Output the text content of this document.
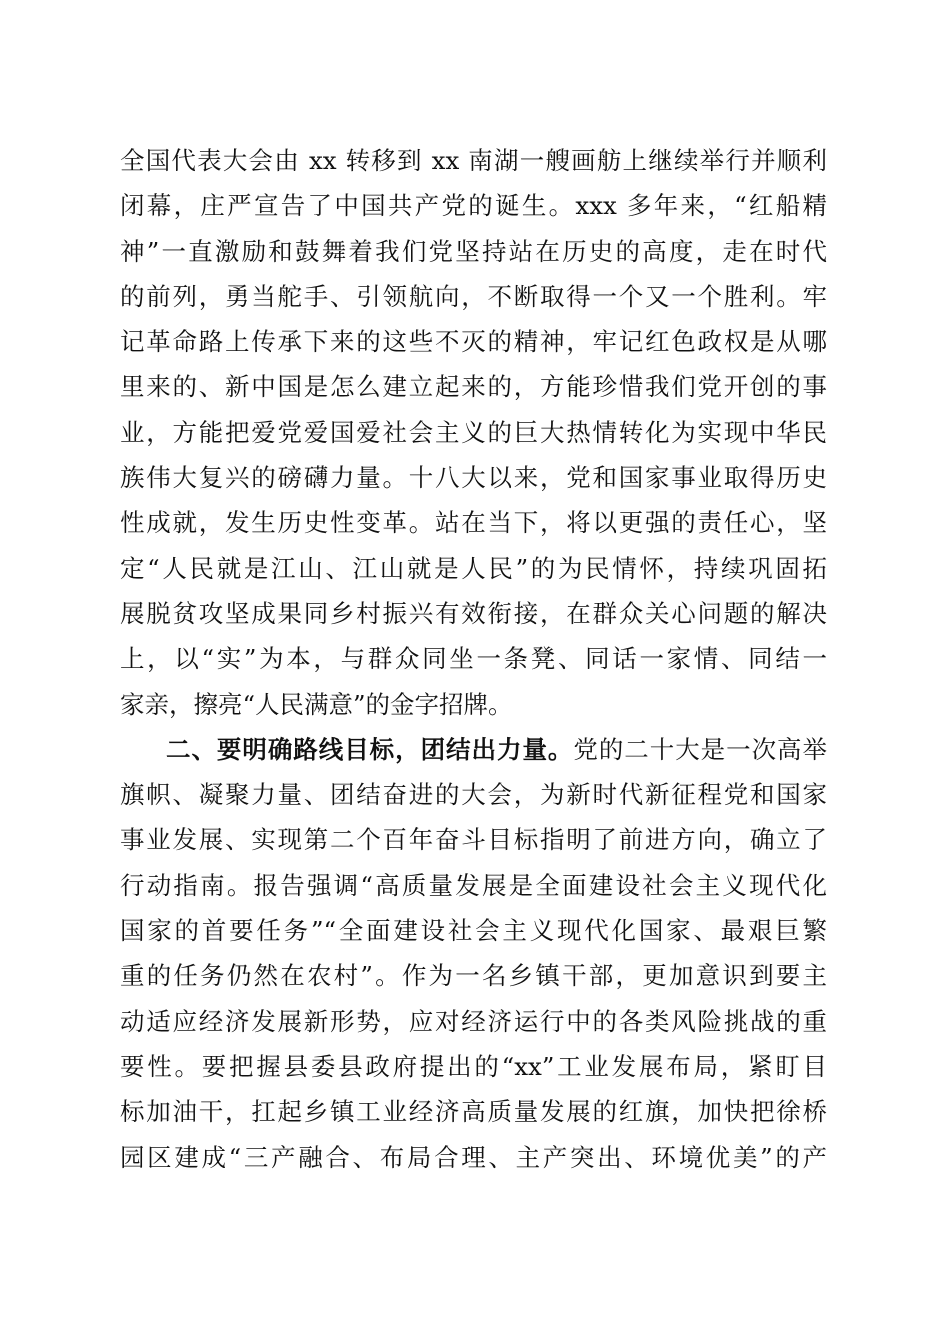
全国代表大会由 xx 转移到 xx 南湖一艘画舫上继续举行并顺利
闭幕，庄严宣告了中国共产党的诞生。xxx 多年来，“红船精
神”一直激励和鼓舞着我们党坚持站在历史的高度，走在时代
的前列，勇当舵手、引领航向，不断取得一个又一个胜利。牢
记革命路上传承下来的这些不灭的精神，牢记红色政权是从哪
里来的、新中国是怎么建立起来的，方能珍惜我们党开创的事
业，方能把爱党爱国爱社会主义的巨大热情转化为实现中华民
族伟大复兴的磅礴力量。十八大以来，党和国家事业取得历史
性成就，发生历史性变革。站在当下，将以更强的责任心，坚
定“人民就是江山、江山就是人民”的为民情怀，持续巩固拓
展脱贫攻坚成果同乡村振兴有效衔接，在群众关心问题的解决
上，以“实”为本，与群众同坐一条凳、同话一家情、同结一
家亲，擦亮“人民满意”的金字招牌。
二、要明确路线目标，团结出力量。党的二十大是一次高举
旗帜、凝聚力量、团结奋进的大会，为新时代新征程党和国家
事业发展、实现第二个百年奋斗目标指明了前进方向，确立了
行动指南。报告强调“高质量发展是全面建设社会主义现代化
国家的首要任务”“全面建设社会主义现代化国家、最艰巨繁
重的任务仍然在农村”。作为一名乡镇干部，更加意识到要主
动适应经济发展新形势，应对经济运行中的各类风险挑战的重
要性。要把握县委县政府提出的“xx”工业发展布局，紧盯目
标加油干，扛起乡镇工业经济高质量发展的红旗，加快把徐桥
园区建成“三产融合、布局合理、主产突出、环境优美”的产
